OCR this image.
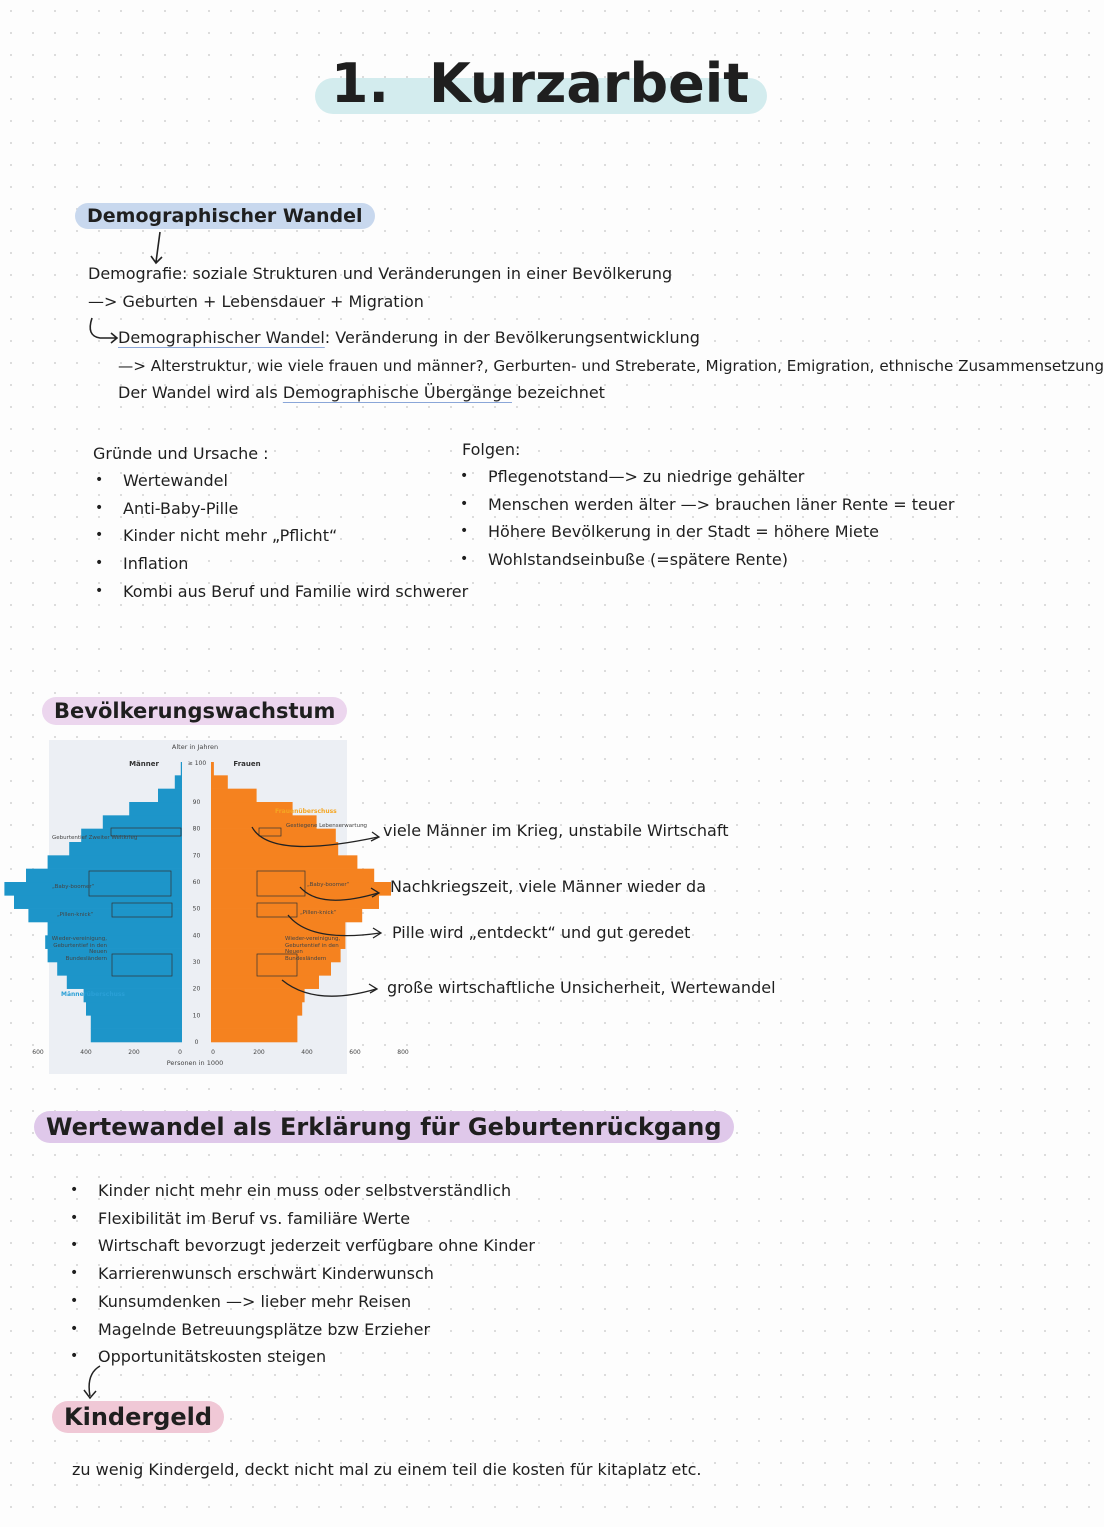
1. Kurzarbeit
Demographischer Wandel
Demografie: soziale Strukturen und Veränderungen in einer Bevölkerung
—> Geburten + Lebensdauer + Migration
Demographischer Wandel: Veränderung in der Bevölkerungsentwicklung
—> Alterstruktur, wie viele frauen und männer?, Gerburten- und Streberate, Migration, Emigration, ethnische Zusammensetzung
Der Wandel wird als Demographische Übergänge bezeichnet
Gründe und Ursache :
• Wertewandel
• Anti-Baby-Pille
• Kinder nicht mehr „Pflicht“
• Inflation
• Kombi aus Beruf und Familie wird schwerer
Folgen:
• Pflegenotstand—> zu niedrige gehälter
• Menschen werden älter —> brauchen läner Rente = teuer
• Höhere Bevölkerung in der Stadt = höhere Miete
• Wohlstandseinbuße (=spätere Rente)
Bevölkerungswachstum
Alter in Jahren
Männer	Frauen
≥ 100
90
80
70
60
50
40
30
20
10
0
600	400	200	0	0	200	400	600	800
Personen in 1000
Frauenüberschuss
Gestiegene Lebenserwartung
Geburtentief Zweiter Weltkrieg
„Baby-boomer“	„Baby-boomer“
„Pillen-knick“	„Pillen-knick“
Wieder-vereinigung, Geburtentief in den Neuen Bundesländern
Wieder-vereinigung, Geburtentief in den Neuen Bundesländern
Männerüberschuss
viele Männer im Krieg, unstabile Wirtschaft
Nachkriegszeit, viele Männer wieder da
Pille wird „entdeckt“ und gut geredet
große wirtschaftliche Unsicherheit, Wertewandel
Wertewandel als Erklärung für Geburtenrückgang
• Kinder nicht mehr ein muss oder selbstverständlich
• Flexibilität im Beruf vs. familiäre Werte
• Wirtschaft bevorzugt jederzeit verfügbare ohne Kinder
• Karrierenwunsch erschwärt Kinderwunsch
• Kunsumdenken —> lieber mehr Reisen
• Magelnde Betreuungsplätze bzw Erzieher
• Opportunitätskosten steigen
Kindergeld
zu wenig Kindergeld, deckt nicht mal zu einem teil die kosten für kitaplatz etc.
